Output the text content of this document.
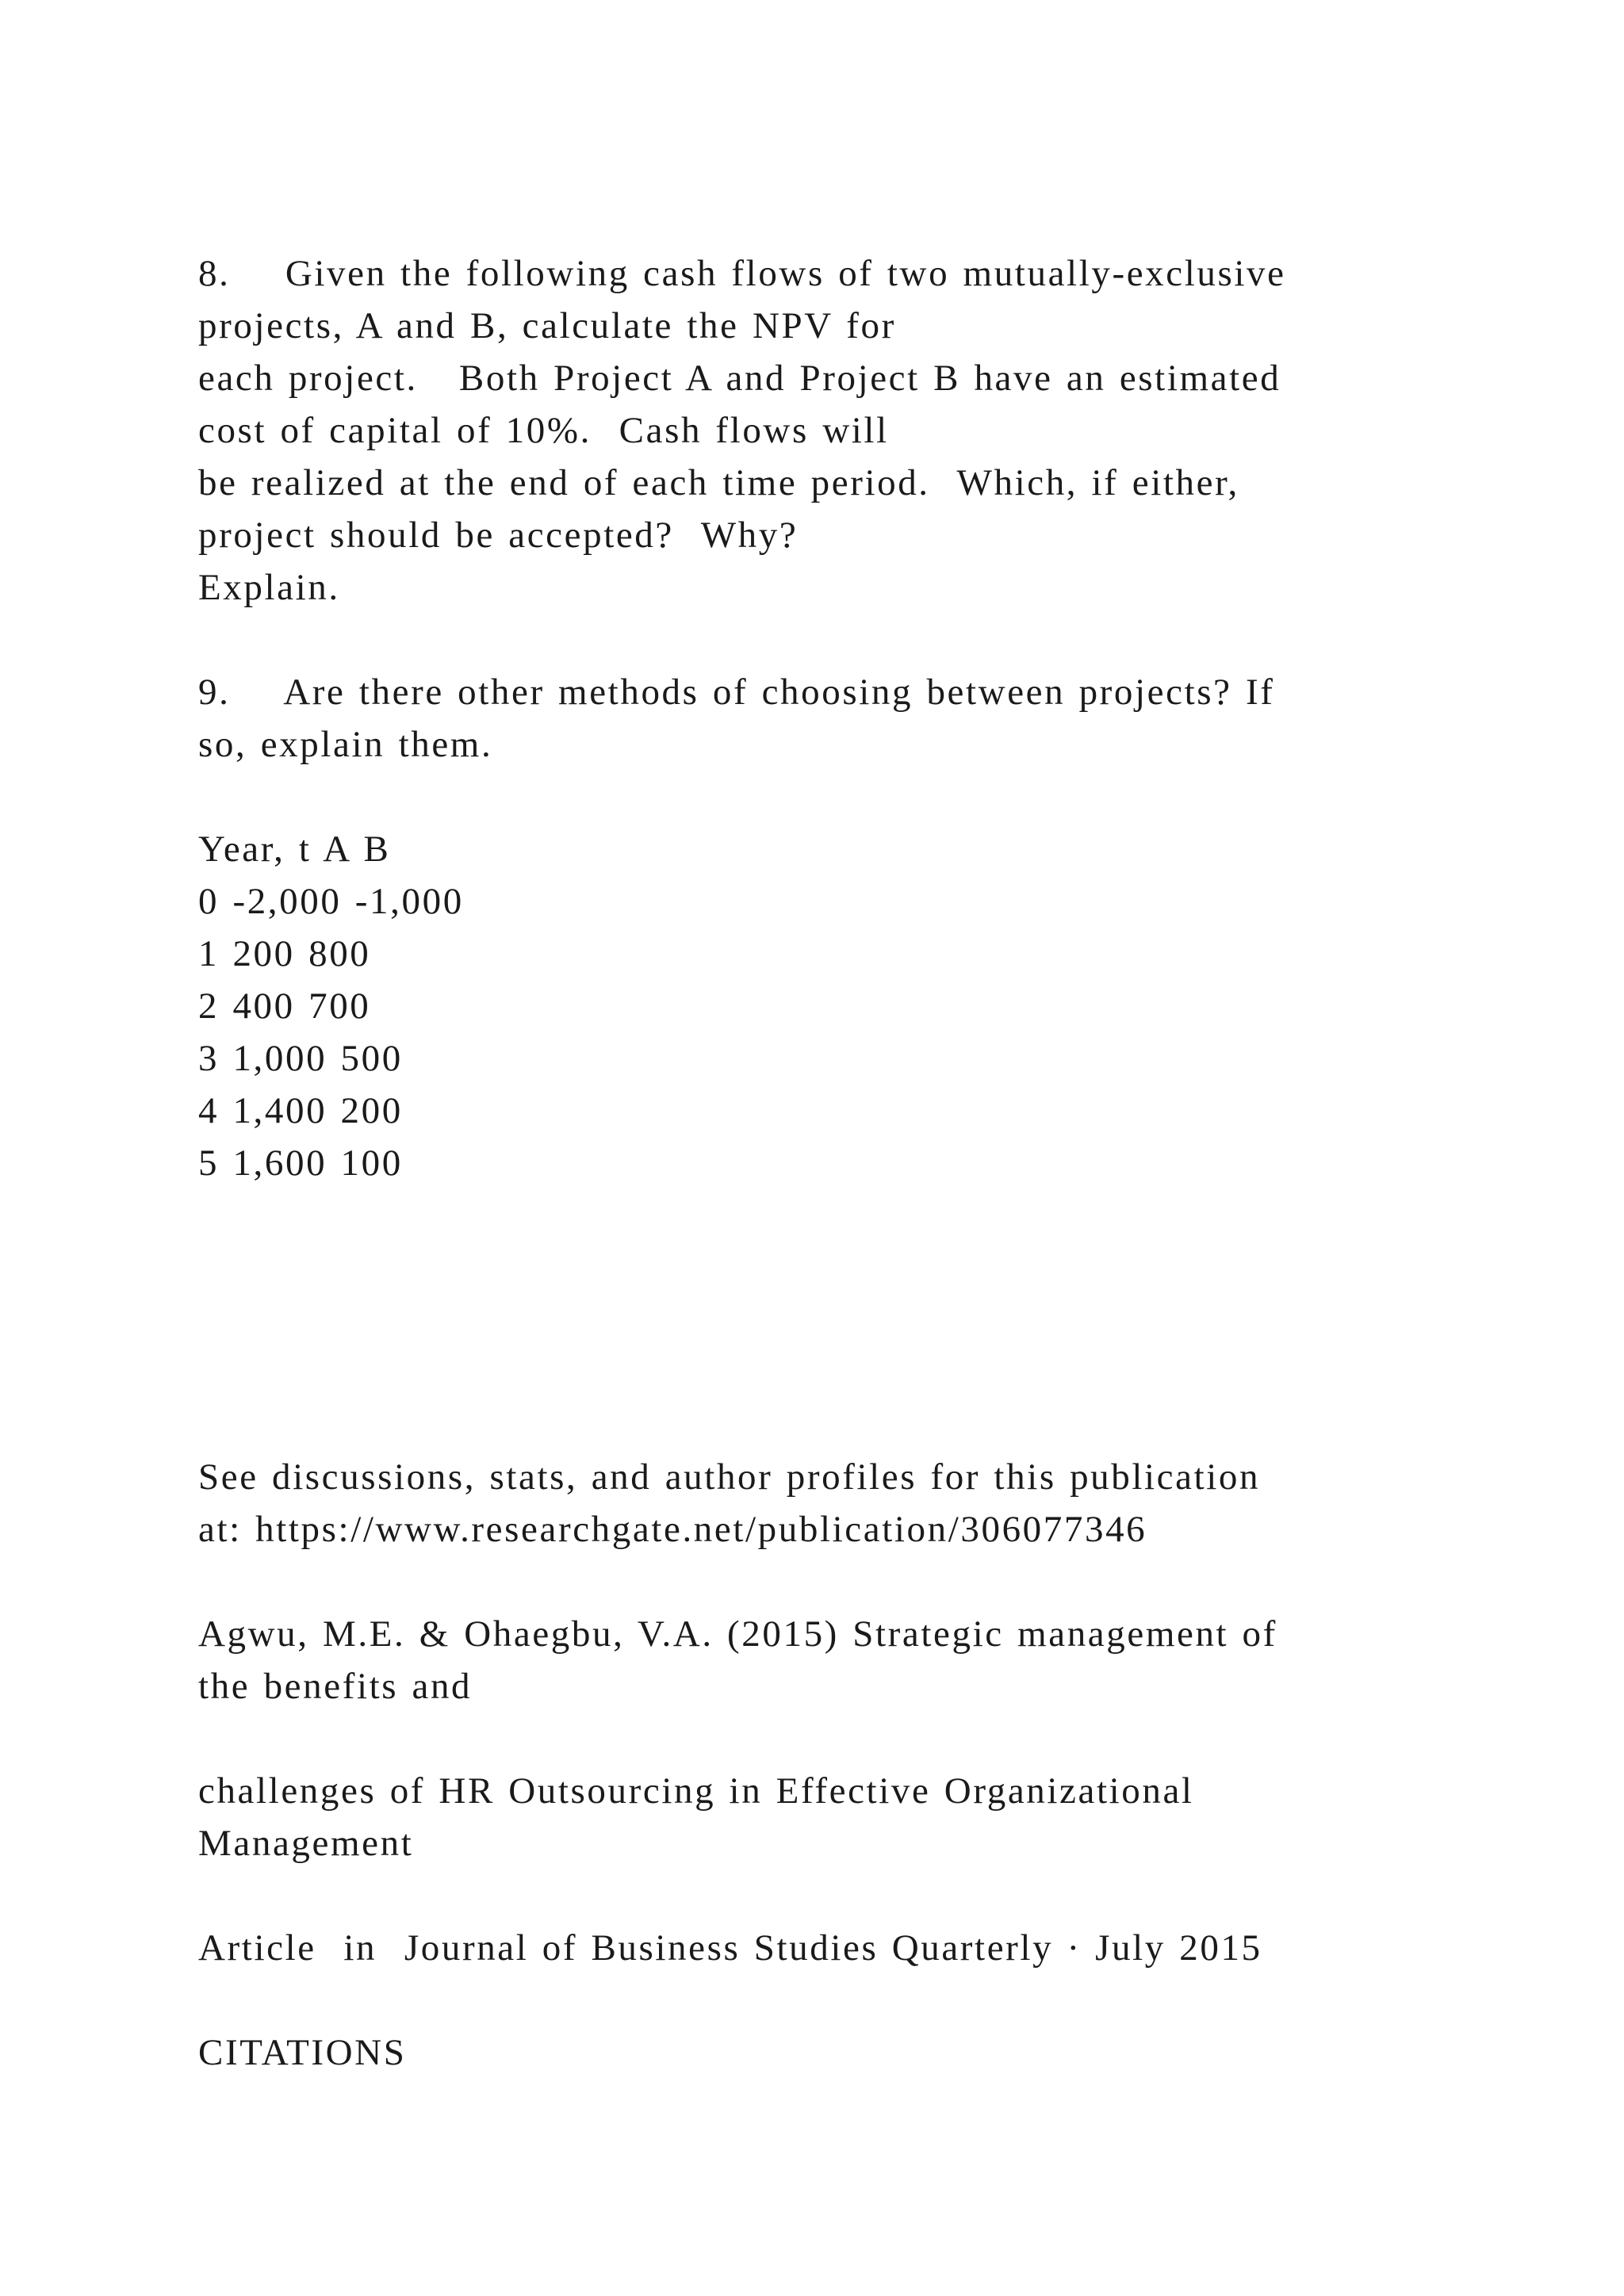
8.    Given the following cash flows of two mutually-exclusive
projects, A and B, calculate the NPV for
each project.   Both Project A and Project B have an estimated
cost of capital of 10%.  Cash flows will
be realized at the end of each time period.  Which, if either,
project should be accepted?  Why?
Explain.
9.    Are there other methods of choosing between projects? If
so, explain them.
Year, t A B
0 -2,000 -1,000
1 200 800
2 400 700
3 1,000 500
4 1,400 200
5 1,600 100
See discussions, stats, and author profiles for this publication
at: https://www.researchgate.net/publication/306077346
Agwu, M.E. & Ohaegbu, V.A. (2015) Strategic management of
the benefits and
challenges of HR Outsourcing in Effective Organizational
Management
Article  in  Journal of Business Studies Quarterly · July 2015
CITATIONS
